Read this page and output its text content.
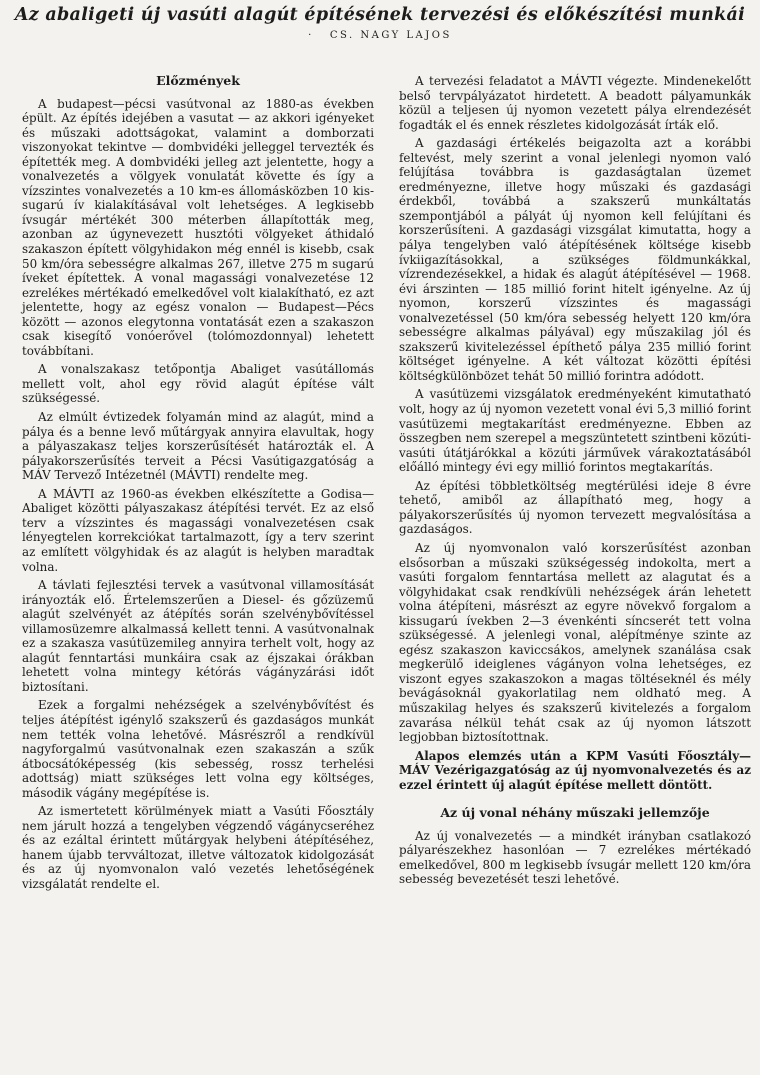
Az abaligeti új vasúti alagút építésének tervezési és előkészítési munkái
· CS. NAGY LAJOS
Előzmények

A budapest—pécsi vasútvonal az 1880-as években épült. Az építés idejében a vasutat — az akkori igényeket és műszaki adottságokat, valamint a domborzati viszonyokat tekintve — dombvidéki jelleggel tervezték és építették meg. A dombvidéki jelleg azt jelentette, hogy a vonalvezetés a völgyek vonulatát követte és így a vízszintes vonalvezetés a 10 km-es állomásközben 10 kissugarú ív kialakításával volt lehetséges. A legkisebb ívsugár mértékét 300 méterben állapították meg, azonban az úgynevezett husztóti völgyeket áthidaló szakaszon épített völgyhidakon még ennél is kisebb, csak 50 km/óra sebességre alkalmas 267, illetve 275 m sugarú íveket építettek. A vonal magassági vonalvezetése 12 ezrelékes mértékadó emelkedővel volt kialakítható, ez azt jelentette, hogy az egész vonalon — Budapest—Pécs között — azonos elegytonna vontatását ezen a szakaszon csak kisegítő vonóerővel (tolómozdonnyal) lehetett továbbítani.

A vonalszakasz tetőpontja Abaliget vasútállomás mellett volt, ahol egy rövid alagút építése vált szükségessé.

Az elmúlt évtizedek folyamán mind az alagút, mind a pálya és a benne levő műtárgyak annyira elavultak, hogy a pályaszakasz teljes korszerűsítését határozták el. A pályakorszerűsítés terveit a Pécsi Vasútigazgatóság a MÁV Tervező Intézetnél (MÁVTI) rendelte meg.

A MÁVTI az 1960-as években elkészítette a Godisa—Abaliget közötti pályaszakasz átépítési tervét. Ez az első terv a vízszintes és magassági vonalvezetésen csak lényegtelen korrekciókat tartalmazott, így a terv szerint az említett völgyhidak és az alagút is helyben maradtak volna.

A távlati fejlesztési tervek a vasútvonal villamosítását irányozták elő. Értelemszerűen a Diesel- és gőzüzemű alagút szelvényét az átépítés során szelvénybővítéssel villamosüzemre alkalmassá kellett tenni. A vasútvonalnak ez a szakasza vasútüzemileg annyira terhelt volt, hogy az alagút fenntartási munkáira csak az éjszakai órákban lehetett volna mintegy kétórás vágányzárási időt biztosítani.

Ezek a forgalmi nehézségek a szelvénybővítést és teljes átépítést igénylő szakszerű és gazdaságos munkát nem tették volna lehetővé. Másrészről a rendkívül nagyforgalmú vasútvonalnak ezen szakaszán a szűk átbocsátóképesség (kis sebesség, rossz terhelési adottság) miatt szükséges lett volna egy költséges, második vágány megépítése is.

Az ismertetett körülmények miatt a Vasúti Főosztály nem járult hozzá a tengelyben végzendő vágánycseréhez és az ezáltal érintett műtárgyak helybeni átépítéséhez, hanem újabb tervváltozat, illetve változatok kidolgozását és az új nyomvonalon való vezetés lehetőségének vizsgálatát rendelte el.

A tervezési feladatot a MÁVTI végezte. Mindenekelőtt belső tervpályázatot hirdetett. A beadott pályamunkák közül a teljesen új nyomon vezetett pálya elrendezését fogadták el és ennek részletes kidolgozását írták elő.

A gazdasági értékelés beigazolta azt a korábbi feltevést, mely szerint a vonal jelenlegi nyomon való felújítása továbbra is gazdaságtalan üzemet eredményezne, illetve hogy műszaki és gazdasági érdekből, továbbá a szakszerű munkáltatás szempontjából a pályát új nyomon kell felújítani és korszerűsíteni. A gazdasági vizsgálat kimutatta, hogy a pálya tengelyben való átépítésének költsége kisebb ívkiigazításokkal, a szükséges földmunkákkal, vízrendezésekkel, a hidak és alagút átépítésével — 1968. évi árszinten — 185 millió forint hitelt igényelne. Az új nyomon, korszerű vízszintes és magassági vonalvezetéssel (50 km/óra sebesség helyett 120 km/óra sebességre alkalmas pályával) egy műszakilag jól és szakszerű kivitelezéssel építhető pálya 235 millió forint költséget igényelne. A két változat közötti építési költségkülönbözet tehát 50 millió forintra adódott.

A vasútüzemi vizsgálatok eredményeként kimutatható volt, hogy az új nyomon vezetett vonal évi 5,3 millió forint vasútüzemi megtakarítást eredményezne. Ebben az összegben nem szerepel a megszüntetett szintbeni közúti-vasúti útátjárókkal a közúti járművek várakoztatásából előálló mintegy évi egy millió forintos megtakarítás.

Az építési többletköltség megtérülési ideje 8 évre tehető, amiből az állapítható meg, hogy a pályakorszerűsítés új nyomon tervezett megvalósítása a gazdaságos.

Az új nyomvonalon való korszerűsítést azonban elsősorban a műszaki szükségesség indokolta, mert a vasúti forgalom fenntartása mellett az alagutat és a völgyhidakat csak rendkívüli nehézségek árán lehetett volna átépíteni, másrészt az egyre növekvő forgalom a kissugarú ívekben 2—3 évenkénti síncserét tett volna szükségessé. A jelenlegi vonal, alépítménye szinte az egész szakaszon kaviccsákos, amelynek szanálása csak megkerülő ideiglenes vágányon volna lehetséges, ez viszont egyes szakaszokon a magas töltéseknél és mély bevágásoknál gyakorlatilag nem oldható meg. A műszakilag helyes és szakszerű kivitelezés a forgalom zavarása nélkül tehát csak az új nyomon látszott legjobban biztosítottnak.

Alapos elemzés után a KPM Vasúti Főosztály—MÁV Vezérigazgatóság az új nyomvonalvezetés és az ezzel érintett új alagút építése mellett döntött.

Az új vonal néhány műszaki jellemzője

Az új vonalvezetés — a mindkét irányban csatlakozó pályarészekhez hasonlóan — 7 ezrelékes mértékadó emelkedővel, 800 m legkisebb ívsugár mellett 120 km/óra sebesség bevezetését teszi lehetővé.
